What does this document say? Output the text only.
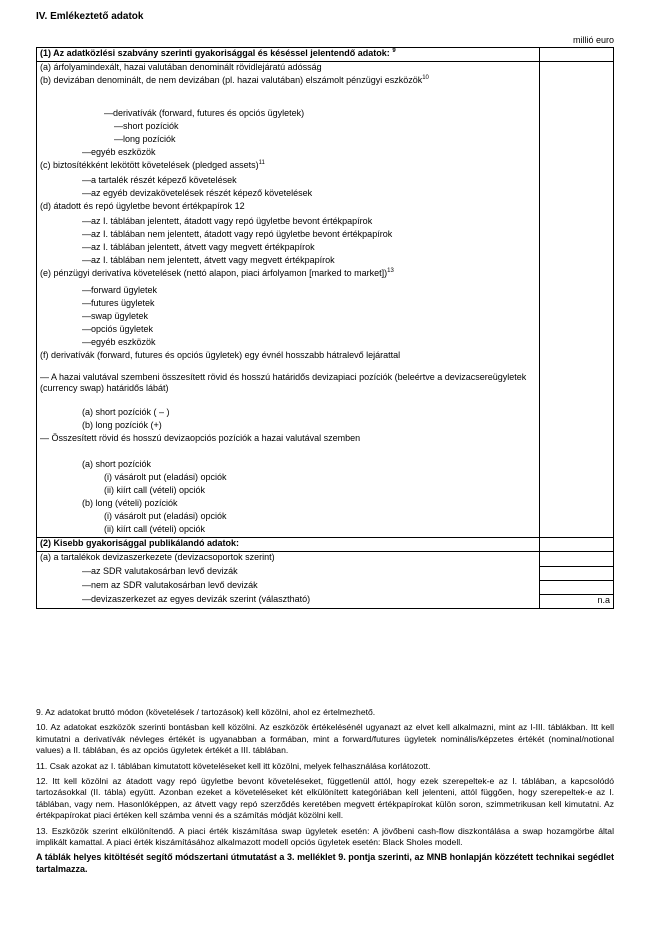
IV. Emlékeztető adatok
millió euro
(1) Az adatközlési szabvány szerinti gyakorisággal és késéssel jelentendő adatok: $^9$	
(a) árfolyamindexált, hazai valutában denominált rövidlejáratú adósság	
(b) devizában denominált, de nem devizában (pl. hazai valutában) elszámolt pénzügyi eszközök$^{10}$	
—derivatívák (forward, futures és opciós ügyletek)	
—short pozíciók	
—long pozíciók	
—egyéb eszközök	
(c) biztosítékként lekötött követelések (pledged assets)$^{11}$	
—a tartalék részét képező követelések	
—az egyéb devizakövetelések részét képező követelések	
(d) átadott és repó ügyletbe bevont értékpapírok 12	
—az I. táblában jelentett, átadott vagy repó ügyletbe bevont értékpapírok	
—az I. táblában nem jelentett, átadott vagy repó ügyletbe bevont értékpapírok	
—az I. táblában jelentett, átvett vagy megvett értékpapírok	
—az I. táblában nem jelentett, átvett vagy megvett értékpapírok	
(e) pénzügyi derivatíva követelések (nettó alapon, piaci árfolyamon [marked to market])$^{13}$	
—forward ügyletek	
—futures ügyletek	
—swap ügyletek	
—opciós ügyletek	
—egyéb eszközök	
(f) derivatívák (forward, futures és opciós ügyletek) egy évnél hosszabb hátralevő lejárattal	
— A hazai valutával szembeni összesített rövid és hosszú határidős devizapiaci pozíciók (beleértve a devizacsereügyletek (currency swap) határidős lábát)	
(a) short pozíciók ( – )	
(b) long pozíciók (+)	
— Összesített rövid és hosszú devizaopciós pozíciók a hazai valutával szemben	
(a) short pozíciók	
(i) vásárolt put (eladási) opciók	
(ii) kiírt call (vételi) opciók	
(b) long (vételi) pozíciók	
(i) vásárolt put (eladási) opciók	
(ii) kiírt call (vételi) opciók	
(2) Kisebb gyakorisággal publikálandó adatok:	
(a) a tartalékok devizaszerkezete (devizacsoportok szerint)	
—az SDR valutakosárban levő devizák	
—nem az SDR valutakosárban levő devizák	
—devizaszerkezet az egyes devizák szerint (választható)	n.a

9. Az adatokat bruttó módon (követelések / tartozások) kell közölni, ahol ez értelmezhető.

10. Az adatokat eszközök szerinti bontásban kell közölni. Az eszközök értékelésénél ugyanazt az elvet kell alkalmazni, mint az I-III. táblákban. Itt kell kimutatni a derivatívák névleges értékét is ugyanabban a formában, mint a forward/futures ügyletek nominális/képzetes értékét (nominal/notional values) a II. táblában, és az opciós ügyletek értékét a III. táblában.

11. Csak azokat az I. táblában kimutatott követeléseket kell itt közölni, melyek felhasználása korlátozott.

12. Itt kell közölni az átadott vagy repó ügyletbe bevont követeléseket, függetlenül attól, hogy ezek szerepeltek-e az I. táblában, a kapcsolódó tartozásokkal (II. tábla) együtt. Azonban ezeket a követeléseket két elkülönített kategóriában kell jelenteni, attól függően, hogy szerepeltek-e az I. táblában, vagy nem. Hasonlóképpen, az átvett vagy repó szerződés keretében megvett értékpapírokat külön soron, szimmetrikusan kell kimutatni. Az értékpapírokat piaci értéken kell számba venni és a számítás módját közölni kell.

13. Eszközök szerint elkülönítendő. A piaci érték kiszámítása swap ügyletek esetén: A jövőbeni cash-flow diszkontálása a swap hozamgörbe által implikált kamattal. A piaci érték kiszámításához alkalmazott modell opciós ügyletek esetén: Black Sholes modell.

A táblák helyes kitöltését segítő módszertani útmutatást a 3. melléklet 9. pontja szerinti, az MNB honlapján közzétett technikai segédlet tartalmazza.
